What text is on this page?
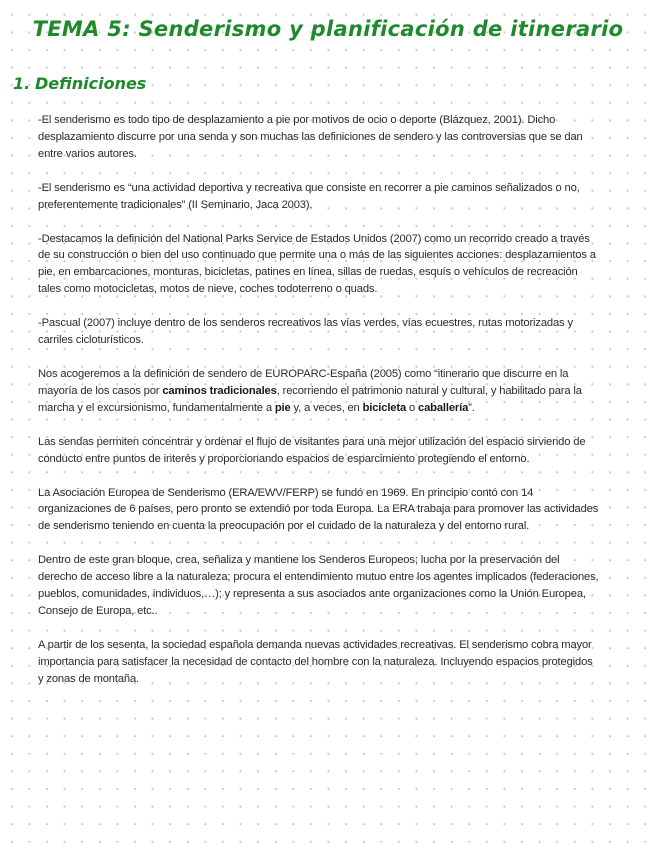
TEMA 5: Senderismo y planificación de itinerario
1. Definiciones

-El senderismo es todo tipo de desplazamiento a pie por motivos de ocio o deporte (Blázquez, 2001). Dicho desplazamiento discurre por una senda y son muchas las definiciones de sendero y las controversias que se dan entre varios autores.

-El senderismo es “una actividad deportiva y recreativa que consiste en recorrer a pie caminos señalizados o no, preferentemente tradicionales” (II Seminario, Jaca 2003).

-Destacamos la definición del National Parks Service de Estados Unidos (2007) como un recorrido creado a través de su construcción o bien del uso continuado que permite una o más de las siguientes acciones: desplazamientos a pie, en embarcaciones, monturas, bicicletas, patines en línea, sillas de ruedas, esquís o vehículos de recreación tales como motocicletas, motos de nieve, coches todoterreno o quads.

-Pascual (2007) incluye dentro de los senderos recreativos las vías verdes, vías ecuestres, rutas motorizadas y carriles cicloturísticos.

Nos acogeremos a la definición de sendero de EUROPARC-España (2005) como “itinerario que discurre en la mayoría de los casos por caminos tradicionales, recorriendo el patrimonio natural y cultural, y habilitado para la marcha y el excursionismo, fundamentalmente a pie y, a veces, en bicicleta o caballería”.

Las sendas permiten concentrar y ordenar el flujo de visitantes para una mejor utilización del espacio sirviendo de conducto entre puntos de interés y proporcionando espacios de esparcimiento protegiendo el entorno.

La Asociación Europea de Senderismo (ERA/EWV/FERP) se fundó en 1969. En principio contó con 14 organizaciones de 6 países, pero pronto se extendió por toda Europa. La ERA trabaja para promover las actividades de senderismo teniendo en cuenta la preocupación por el cuidado de la naturaleza y del entorno rural.

Dentro de este gran bloque, crea, señaliza y mantiene los Senderos Europeos; lucha por la preservación del derecho de acceso libre a la naturaleza; procura el entendimiento mutuo entre los agentes implicados (federaciones, pueblos, comunidades, individuos,…); y representa a sus asociados ante organizaciones como la Unión Europea, Consejo de Europa, etc..

A partir de los sesenta, la sociedad española demanda nuevas actividades recreativas. El senderismo cobra mayor importancia para satisfacer la necesidad de contacto del hombre con la naturaleza. Incluyendo espacios protegidos y zonas de montaña.
